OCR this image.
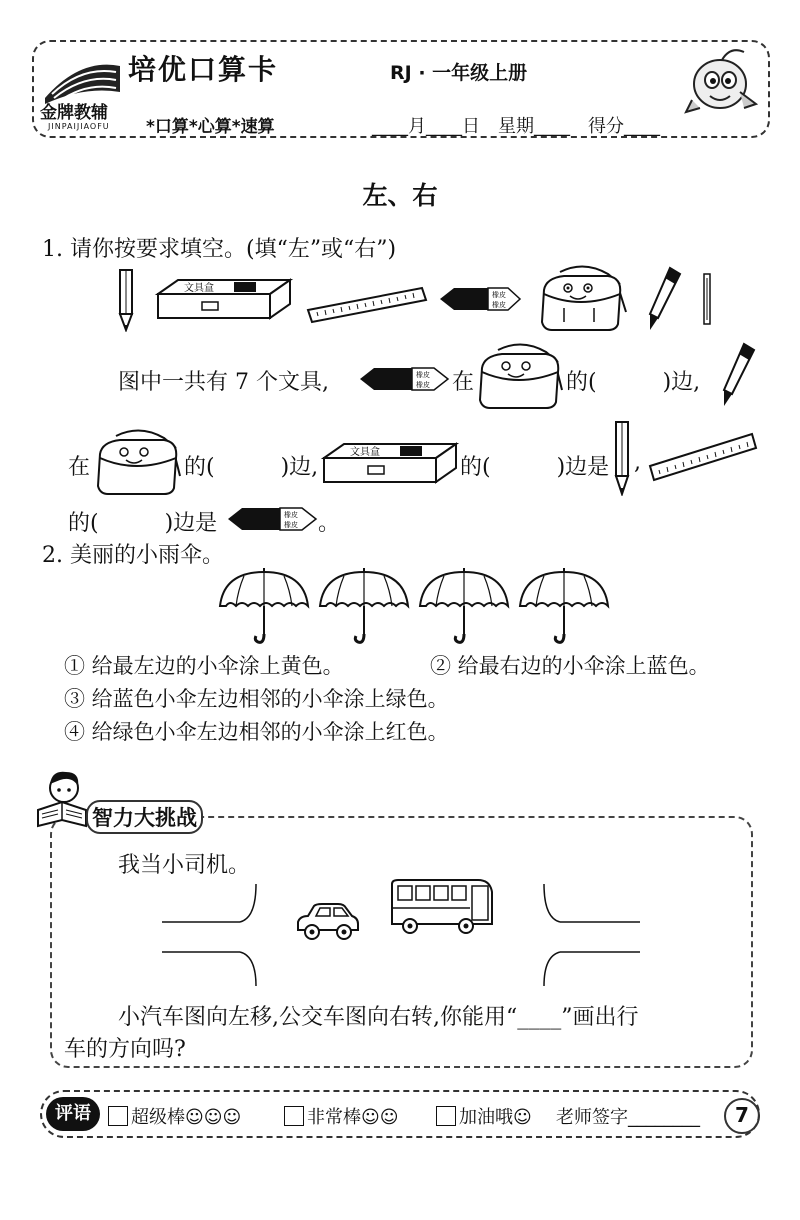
金牌教辅
JINPAIJIAOFU
培优口算卡	RJ · 一年级上册
*口算*心算*速算	____月____日　星期____　得分____
左、右
1. 请你按要求填空。(填“左”或“右”)
文具盒
橡皮
橡皮
图中一共有 7 个文具,	橡皮
橡皮 在	的(　　　)边,
在	的(　　　)边,
文具盒
的(　　　)边是 ,
的(　　　)边是	橡皮
橡皮 。
2. 美丽的小雨伞。
① 给最左边的小伞涂上黄色。	② 给最右边的小伞涂上蓝色。
③ 给蓝色小伞左边相邻的小伞涂上绿色。
④ 给绿色小伞左边相邻的小伞涂上红色。
智力大挑战
我当小司机。
小汽车图向左移,公交车图向右转,你能用“____”画出行
车的方向吗?
评语	超级棒☺☺☺	非常棒☺☺	加油哦☺ 老师签字________	7
